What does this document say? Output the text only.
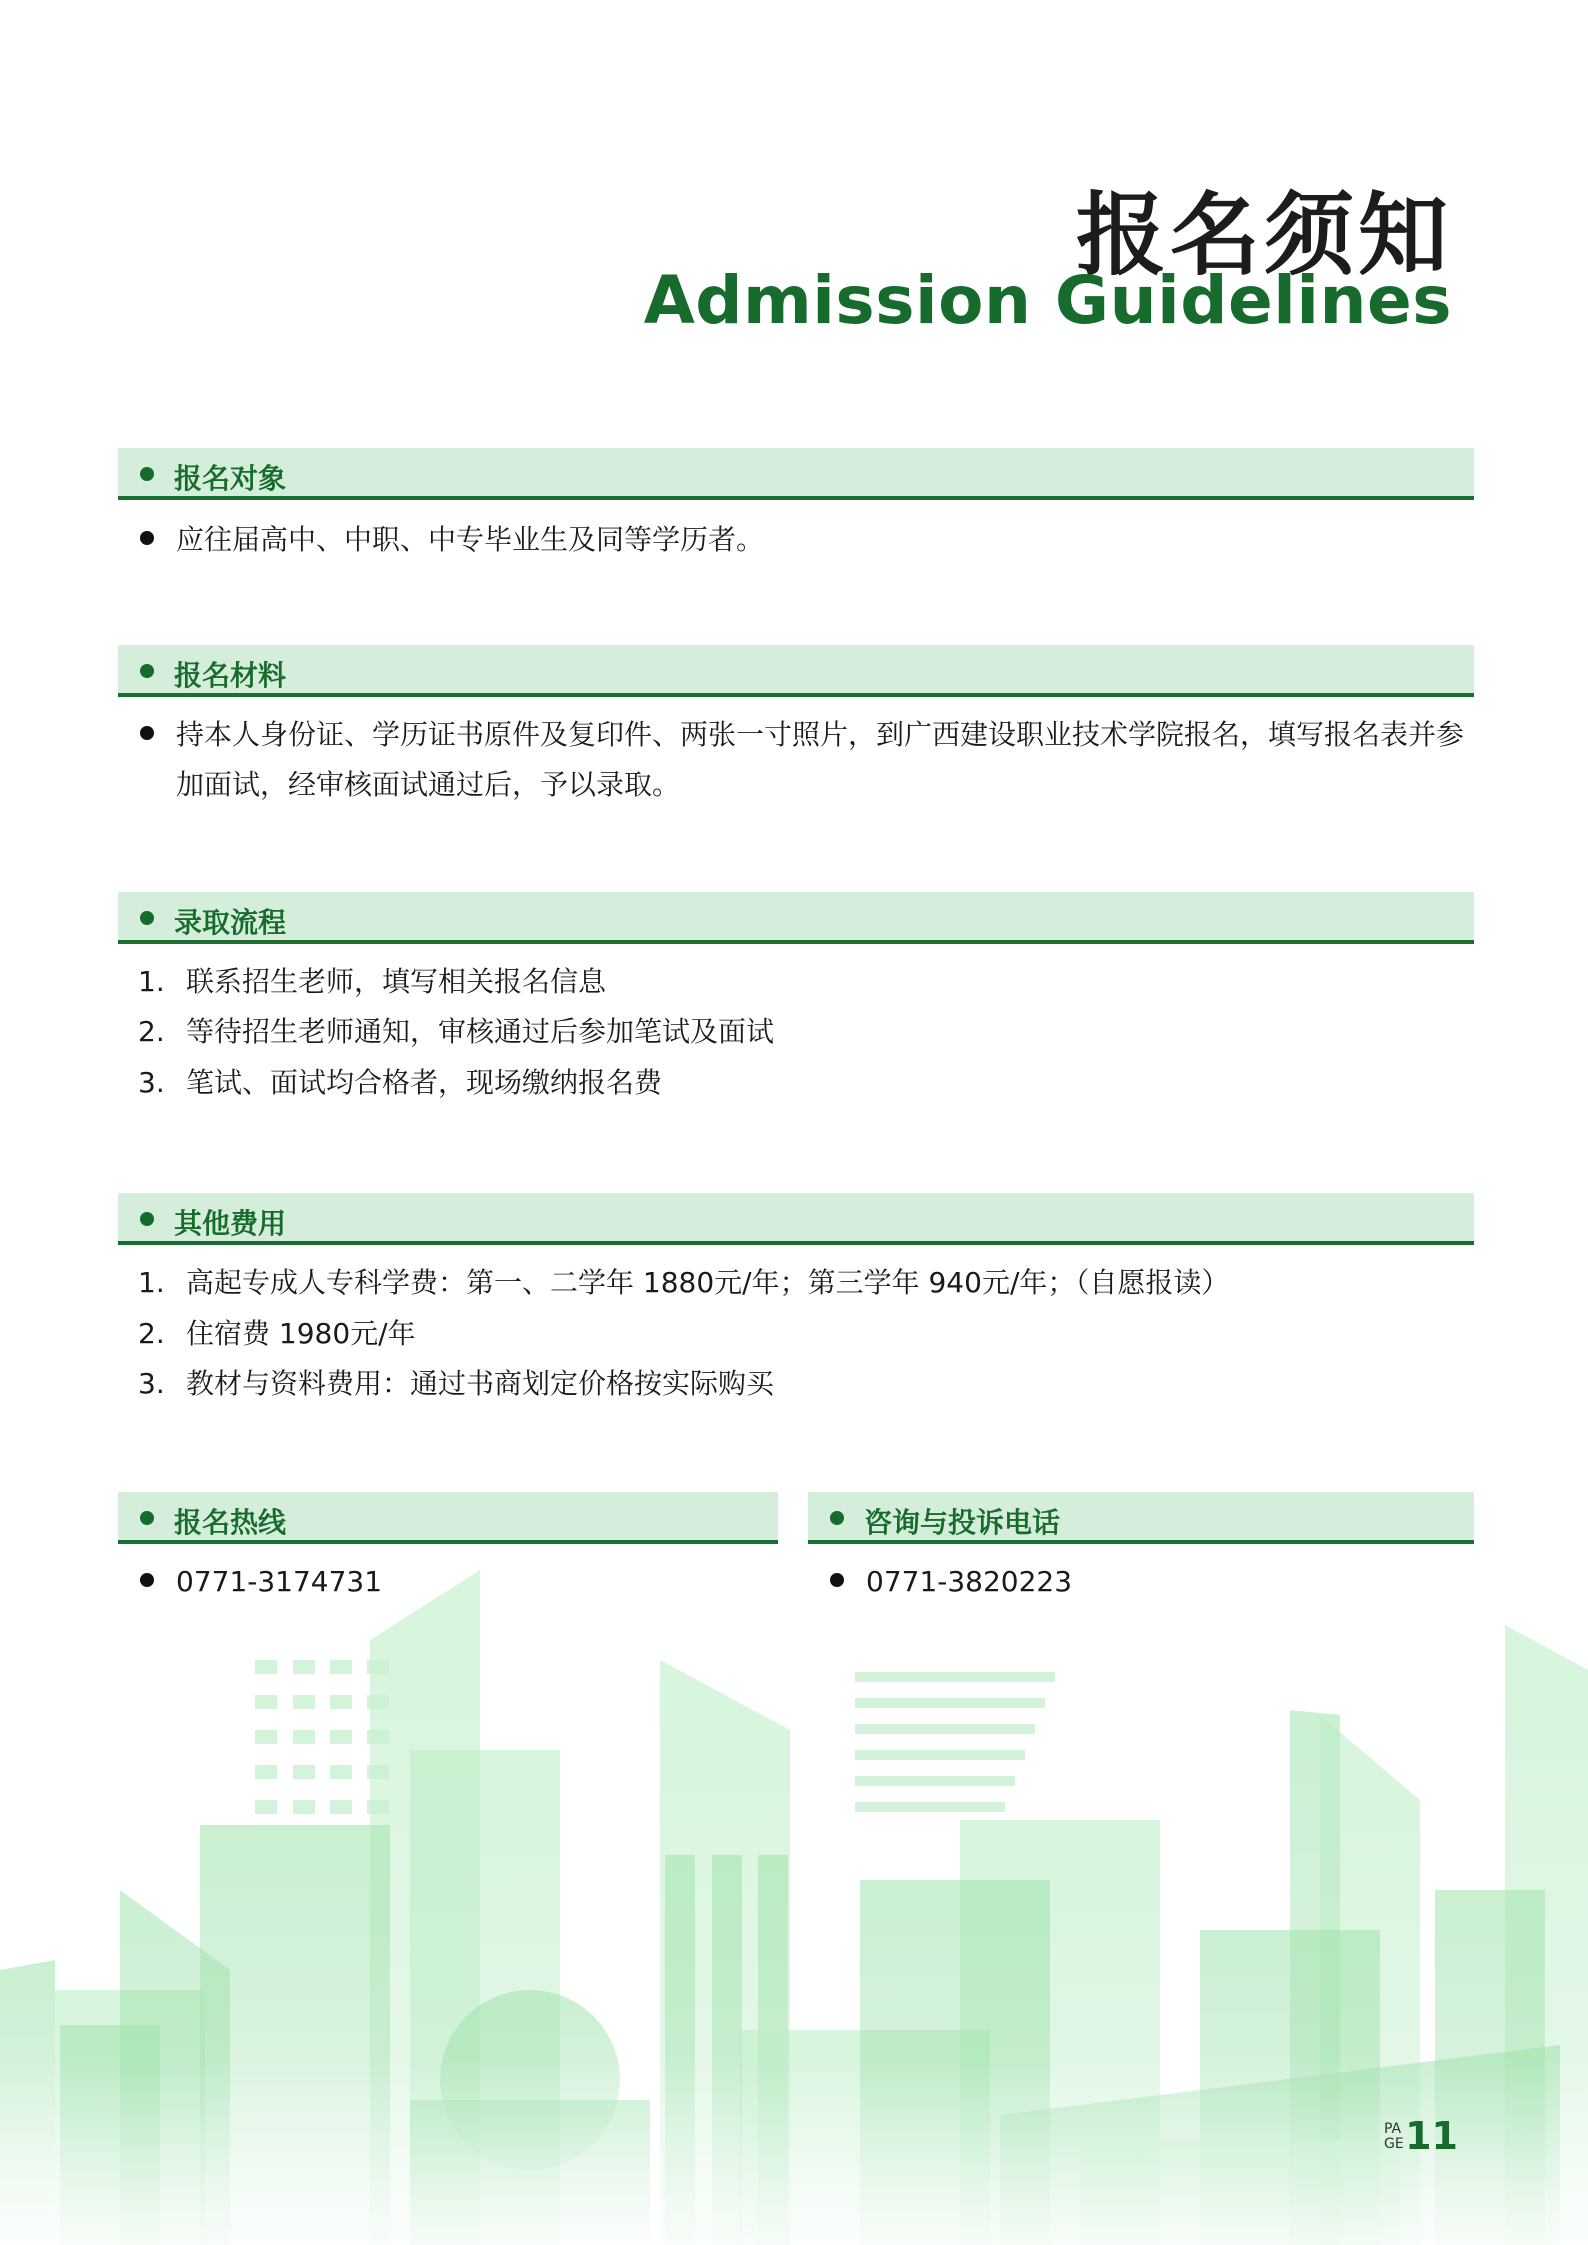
报名须知
Admission Guidelines
报名对象
应往届高中、中职、中专毕业生及同等学历者。
报名材料
持本人身份证、学历证书原件及复印件、两张一寸照片，到广西建设职业技术学院报名，填写报名表并参加面试，经审核面试通过后，予以录取。
录取流程
1. 联系招生老师，填写相关报名信息
2. 等待招生老师通知，审核通过后参加笔试及面试
3. 笔试、面试均合格者，现场缴纳报名费
其他费用
1. 高起专成人专科学费：第一、二学年 1880元/年；第三学年 940元/年；（自愿报读）
2. 住宿费 1980元/年
3. 教材与资料费用：通过书商划定价格按实际购买
报名热线
0771-3174731
咨询与投诉电话
0771-3820223
PA
GE 11
